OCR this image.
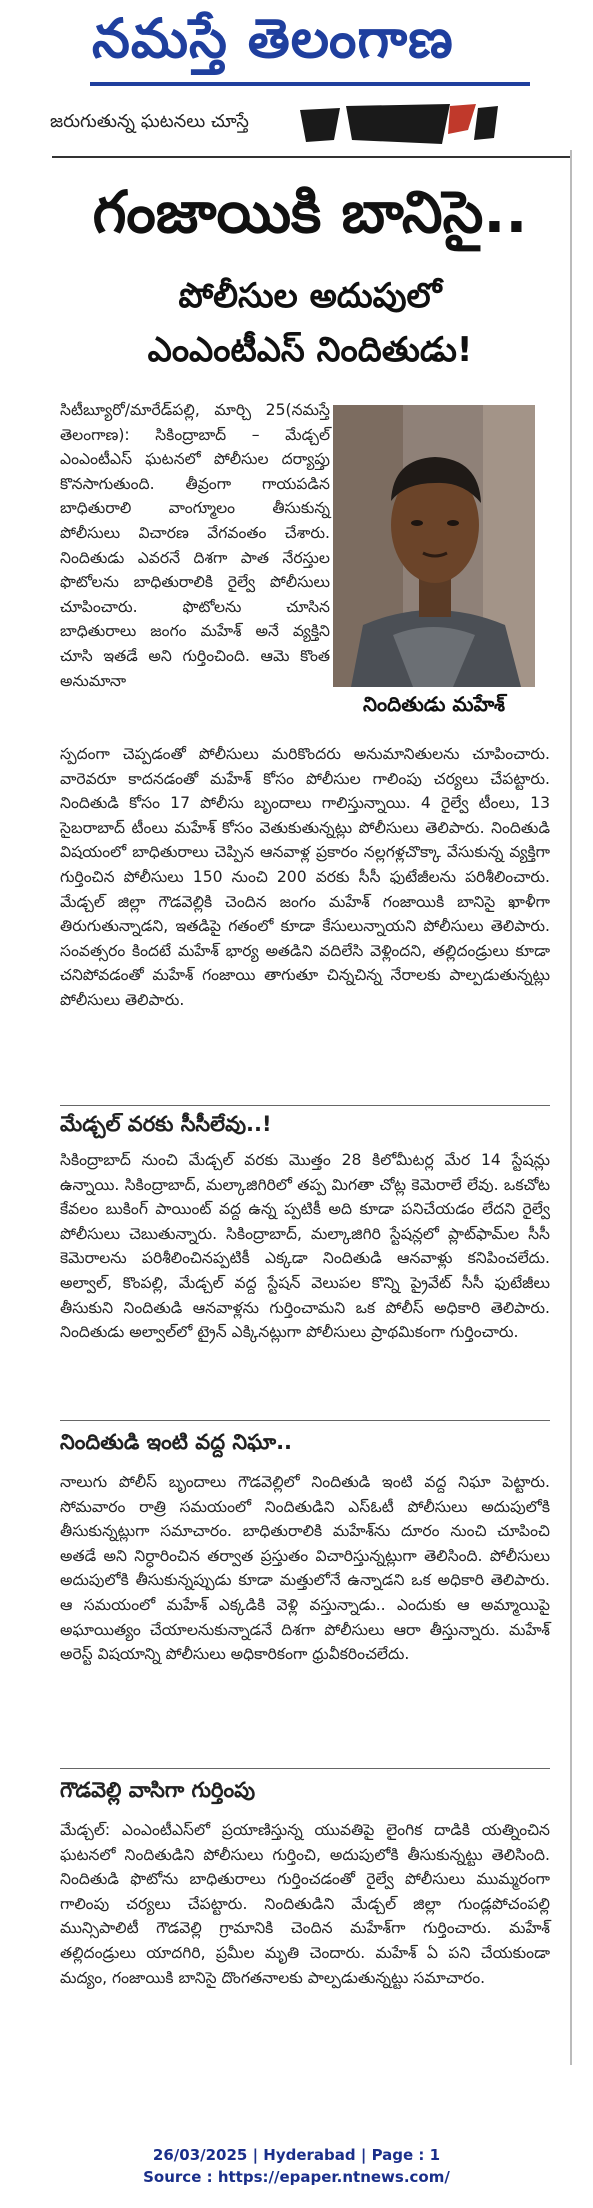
నమస్తే తెలంగాణ
జరుగుతున్న ఘటనలు చూస్తే
గంజాయికి బానిసై..
పోలీసుల అదుపులో
ఎంఎంటీఎస్ నిందితుడు!

సిటీబ్యూరో/మారేడ్‌పల్లి, మార్చి 25(నమస్తే తెలంగాణ): సికింద్రాబాద్ – మేడ్చల్ ఎంఎంటీఎస్ ఘటనలో పోలీసుల దర్యాప్తు కొనసాగుతుంది. తీవ్రంగా గాయపడిన బాధితురాలి వాంగ్మూలం తీసుకున్న పోలీసులు విచారణ వేగవంతం చేశారు. నిందితుడు ఎవరనే దిశగా పాత నేరస్తుల ఫొటోలను బాధితురాలికి రైల్వే పోలీసులు చూపించారు. ఫొటోలను చూసిన బాధితురాలు జంగం మహేశ్ అనే వ్యక్తిని చూసి ఇతడే అని గుర్తించింది. ఆమె కొంత అనుమానా

నిందితుడు మహేశ్

స్పదంగా చెప్పడంతో పోలీసులు మరికొందరు అనుమానితులను చూపించారు. వారెవరూ కాదనడంతో మహేశ్ కోసం పోలీసుల గాలింపు చర్యలు చేపట్టారు. నిందితుడి కోసం 17 పోలీసు బృందాలు గాలిస్తున్నాయి. 4 రైల్వే టీంలు, 13 సైబరాబాద్ టీంలు మహేశ్ కోసం వెతుకుతున్నట్లు పోలీసులు తెలిపారు. నిందితుడి విషయంలో బాధితురాలు చెప్పిన ఆనవాళ్ల ప్రకారం నల్లగళ్లచొక్కా వేసుకున్న వ్యక్తిగా గుర్తించిన పోలీసులు 150 నుంచి 200 వరకు సీసీ ఫుటేజీలను పరిశీలించారు. మేడ్చల్ జిల్లా గౌడవెల్లికి చెందిన జంగం మహేశ్ గంజాయికి బానిసై ఖాళీగా తిరుగుతున్నాడని, ఇతడిపై గతంలో కూడా కేసులున్నాయని పోలీసులు తెలిపారు. సంవత్సరం కిందటే మహేశ్ భార్య అతడిని వదిలేసి వెళ్లిందని, తల్లిదండ్రులు కూడా చనిపోవడంతో మహేశ్ గంజాయి తాగుతూ చిన్నచిన్న నేరాలకు పాల్పడుతున్నట్లు పోలీసులు తెలిపారు.

మేడ్చల్ వరకు సీసీలేవు..!

సికింద్రాబాద్ నుంచి మేడ్చల్ వరకు మొత్తం 28 కిలోమీటర్ల మేర 14 స్టేషన్లు ఉన్నాయి. సికింద్రాబాద్, మల్కాజిగిరిలో తప్ప మిగతా చోట్ల కెమెరాలే లేవు. ఒకచోట కేవలం బుకింగ్ పాయింట్ వద్ద ఉన్న ప్పటికీ అది కూడా పనిచేయడం లేదని రైల్వే పోలీసులు చెబుతున్నారు. సికింద్రాబాద్, మల్కాజిగిరి స్టేషన్లలో ప్లాట్‌ఫామ్‌ల సీసీ కెమెరాలను పరిశీలించినప్పటికీ ఎక్కడా నిందితుడి ఆనవాళ్లు కనిపించలేదు. అల్వాల్, కొంపల్లి, మేడ్చల్ వద్ద స్టేషన్ వెలుపల కొన్ని ప్రైవేట్ సీసీ ఫుటేజీలు తీసుకుని నిందితుడి ఆనవాళ్లను గుర్తించామని ఒక పోలీస్ అధికారి తెలిపారు. నిందితుడు అల్వాల్‌లో ట్రైన్ ఎక్కినట్లుగా పోలీసులు ప్రాథమికంగా గుర్తించారు.

నిందితుడి ఇంటి వద్ద నిఘా..

నాలుగు పోలీస్ బృందాలు గౌడవెల్లిలో నిందితుడి ఇంటి వద్ద నిఘా పెట్టారు. సోమవారం రాత్రి సమయంలో నిందితుడిని ఎస్‌ఓటీ పోలీసులు అదుపులోకి తీసుకున్నట్లుగా సమాచారం. బాధితురాలికి మహేశ్‌ను దూరం నుంచి చూపించి అతడే అని నిర్ధారించిన తర్వాత ప్రస్తుతం విచారిస్తున్నట్లుగా తెలిసింది. పోలీసులు అదుపులోకి తీసుకున్నప్పుడు కూడా మత్తులోనే ఉన్నాడని ఒక అధికారి తెలిపారు. ఆ సమయంలో మహేశ్ ఎక్కడికి వెళ్లి వస్తున్నాడు.. ఎందుకు ఆ అమ్మాయిపై అఘాయిత్యం చేయాలనుకున్నాడనే దిశగా పోలీసులు ఆరా తీస్తున్నారు. మహేశ్ అరెస్ట్ విషయాన్ని పోలీసులు అధికారికంగా ధ్రువీకరించలేదు.

గౌడవెల్లి వాసిగా గుర్తింపు

మేడ్చల్: ఎంఎంటీఎస్‌లో ప్రయాణిస్తున్న యువతిపై లైంగిక దాడికి యత్నించిన ఘటనలో నిందితుడిని పోలీసులు గుర్తించి, అదుపులోకి తీసుకున్నట్టు తెలిసింది. నిందితుడి ఫొటోను బాధితురాలు గుర్తించడంతో రైల్వే పోలీసులు ముమ్మరంగా గాలింపు చర్యలు చేపట్టారు. నిందితుడిని మేడ్చల్ జిల్లా గుండ్లపోచంపల్లి మున్సిపాలిటీ గౌడవెల్లి గ్రామానికి చెందిన మహేశ్‌గా గుర్తించారు. మహేశ్ తల్లిదండ్రులు యాదగిరి, ప్రమీల మృతి చెందారు. మహేశ్ ఏ పని చేయకుండా మద్యం, గంజాయికి బానిసై దొంగతనాలకు పాల్పడుతున్నట్టు సమాచారం.

26/03/2025 | Hyderabad | Page : 1
Source : https://epaper.ntnews.com/
